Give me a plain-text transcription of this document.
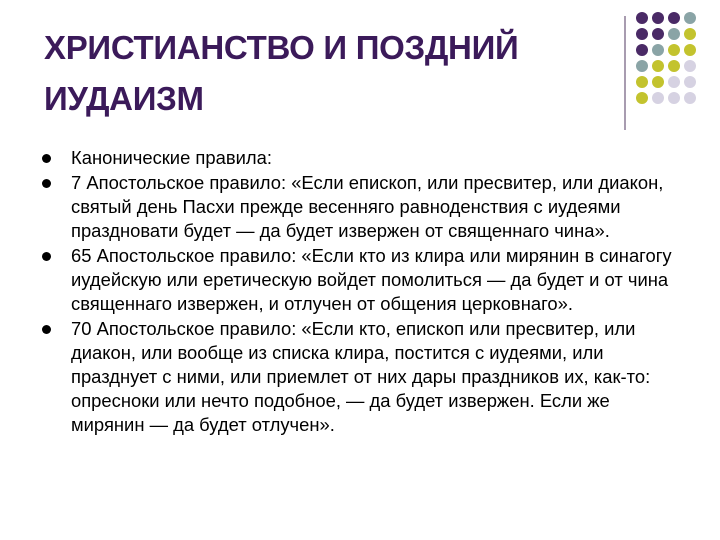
ХРИСТИАНСТВО И ПОЗДНИЙ ИУДАИЗМ
Канонические правила:
7 Апостольское правило: «Если епископ, или пресвитер, или диакон, святый день Пасхи прежде весенняго равноденствия с иудеями праздновати будет — да будет извержен от священнаго чина».
65 Апостольское правило: «Если кто из клира или мирянин в синагогу иудейскую или еретическую войдет помолиться — да будет и от чина священнаго извержен, и отлучен от общения церковнаго».
70 Апостольское правило: «Если кто, епископ или пресвитер, или диакон, или вообще из списка клира, постится с иудеями, или празднует с ними, или приемлет от них дары праздников их, как-то: опресноки или нечто подобное, — да будет извержен. Если же мирянин — да будет отлучен».
